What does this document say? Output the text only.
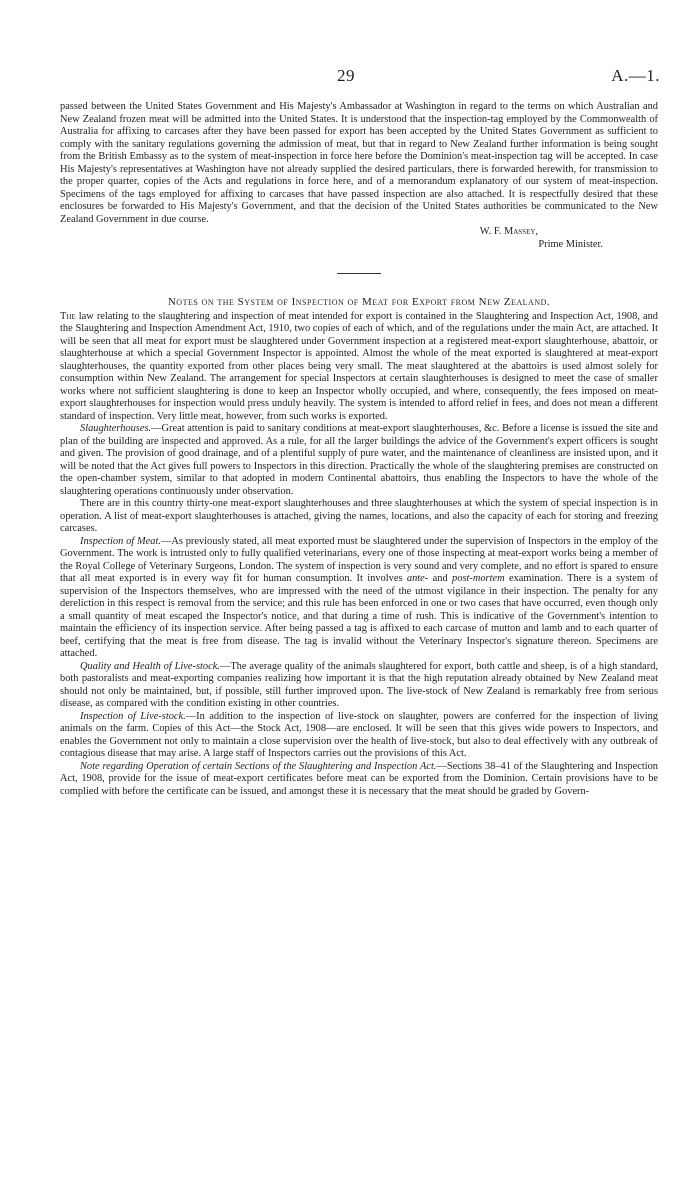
29	A.—1.

passed between the United States Government and His Majesty's Ambassador at Washington in regard to the terms on which Australian and New Zealand frozen meat will be admitted into the United States. It is understood that the inspection-tag employed by the Commonwealth of Australia for affixing to carcases after they have been passed for export has been accepted by the United States Government as sufficient to comply with the sanitary regulations governing the admission of meat, but that in regard to New Zealand further information is being sought from the British Embassy as to the system of meat-inspection in force here before the Dominion's meat-inspection tag will be accepted. In case His Majesty's representatives at Washington have not already supplied the desired particulars, there is forwarded herewith, for transmission to the proper quarter, copies of the Acts and regulations in force here, and of a memorandum explanatory of our system of meat-inspection. Specimens of the tags employed for affixing to carcases that have passed inspection are also attached. It is respectfully desired that these enclosures be forwarded to His Majesty's Government, and that the decision of the United States authorities be communicated to the New Zealand Government in due course.

W. F. Massey,

Prime Minister.

Notes on the System of Inspection of Meat for Export from New Zealand.

The law relating to the slaughtering and inspection of meat intended for export is contained in the Slaughtering and Inspection Act, 1908, and the Slaughtering and Inspection Amendment Act, 1910, two copies of each of which, and of the regulations under the main Act, are attached. It will be seen that all meat for export must be slaughtered under Government inspection at a registered meat-export slaughterhouse, abattoir, or slaughterhouse at which a special Government Inspector is appointed. Almost the whole of the meat exported is slaughtered at meat-export slaughterhouses, the quantity exported from other places being very small. The meat slaughtered at the abattoirs is used almost solely for consumption within New Zealand. The arrangement for special Inspectors at certain slaughterhouses is designed to meet the case of smaller works where not sufficient slaughtering is done to keep an Inspector wholly occupied, and where, consequently, the fees imposed on meat-export slaughterhouses for inspection would press unduly heavily. The system is intended to afford relief in fees, and does not mean a different standard of inspection. Very little meat, however, from such works is exported.

Slaughterhouses.—Great attention is paid to sanitary conditions at meat-export slaughterhouses, &c. Before a license is issued the site and plan of the building are inspected and approved. As a rule, for all the larger buildings the advice of the Government's expert officers is sought and given. The provision of good drainage, and of a plentiful supply of pure water, and the maintenance of cleanliness are insisted upon, and it will be noted that the Act gives full powers to Inspectors in this direction. Practically the whole of the slaughtering premises are constructed on the open-chamber system, similar to that adopted in modern Continental abattoirs, thus enabling the Inspectors to have the whole of the slaughtering operations continuously under observation.

There are in this country thirty-one meat-export slaughterhouses and three slaughterhouses at which the system of special inspection is in operation. A list of meat-export slaughterhouses is attached, giving the names, locations, and also the capacity of each for storing and freezing carcases.

Inspection of Meat.—As previously stated, all meat exported must be slaughtered under the supervision of Inspectors in the employ of the Government. The work is intrusted only to fully qualified veterinarians, every one of those inspecting at meat-export works being a member of the Royal College of Veterinary Surgeons, London. The system of inspection is very sound and very complete, and no effort is spared to ensure that all meat exported is in every way fit for human consumption. It involves ante- and post-mortem examination. There is a system of supervision of the Inspectors themselves, who are impressed with the need of the utmost vigilance in their inspection. The penalty for any dereliction in this respect is removal from the service; and this rule has been enforced in one or two cases that have occurred, even though only a small quantity of meat escaped the Inspector's notice, and that during a time of rush. This is indicative of the Government's intention to maintain the efficiency of its inspection service. After being passed a tag is affixed to each carcase of mutton and lamb and to each quarter of beef, certifying that the meat is free from disease. The tag is invalid without the Veterinary Inspector's signature thereon. Specimens are attached.

Quality and Health of Live-stock.—The average quality of the animals slaughtered for export, both cattle and sheep, is of a high standard, both pastoralists and meat-exporting companies realizing how important it is that the high reputation already obtained by New Zealand meat should not only be maintained, but, if possible, still further improved upon. The live-stock of New Zealand is remarkably free from serious disease, as compared with the condition existing in other countries.

Inspection of Live-stock.—In addition to the inspection of live-stock on slaughter, powers are conferred for the inspection of living animals on the farm. Copies of this Act—the Stock Act, 1908—are enclosed. It will be seen that this gives wide powers to Inspectors, and enables the Government not only to maintain a close supervision over the health of live-stock, but also to deal effectively with any outbreak of contagious disease that may arise. A large staff of Inspectors carries out the provisions of this Act.

Note regarding Operation of certain Sections of the Slaughtering and Inspection Act.—Sections 38–41 of the Slaughtering and Inspection Act, 1908, provide for the issue of meat-export certificates before meat can be exported from the Dominion. Certain provisions have to be complied with before the certificate can be issued, and amongst these it is necessary that the meat should be graded by Govern-
